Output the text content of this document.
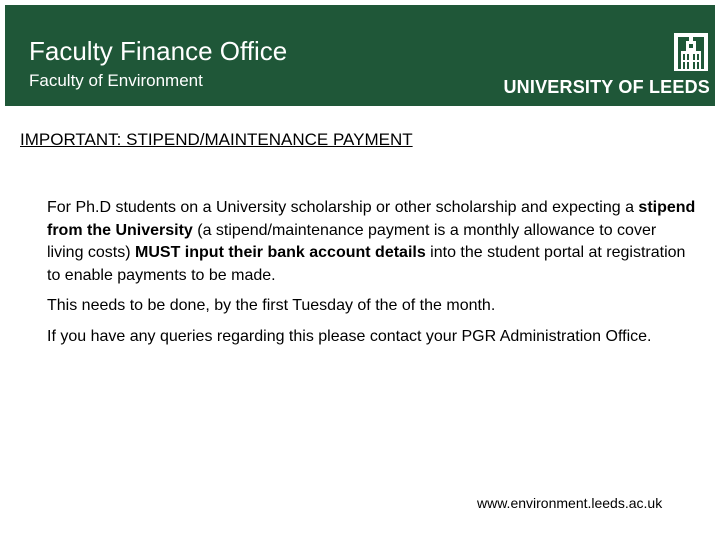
Faculty Finance Office
Faculty of Environment	UNIVERSITY OF LEEDS
IMPORTANT: STIPEND/MAINTENANCE PAYMENT

For Ph.D students on a University scholarship or other scholarship and expecting a stipend from the University (a stipend/maintenance payment is a monthly allowance to cover living costs) MUST input their bank account details into the student portal at registration to enable payments to be made.

This needs to be done, by the first Tuesday of the of the month.

If you have any queries regarding this please contact your PGR Administration Office.

www.environment.leeds.ac.uk
